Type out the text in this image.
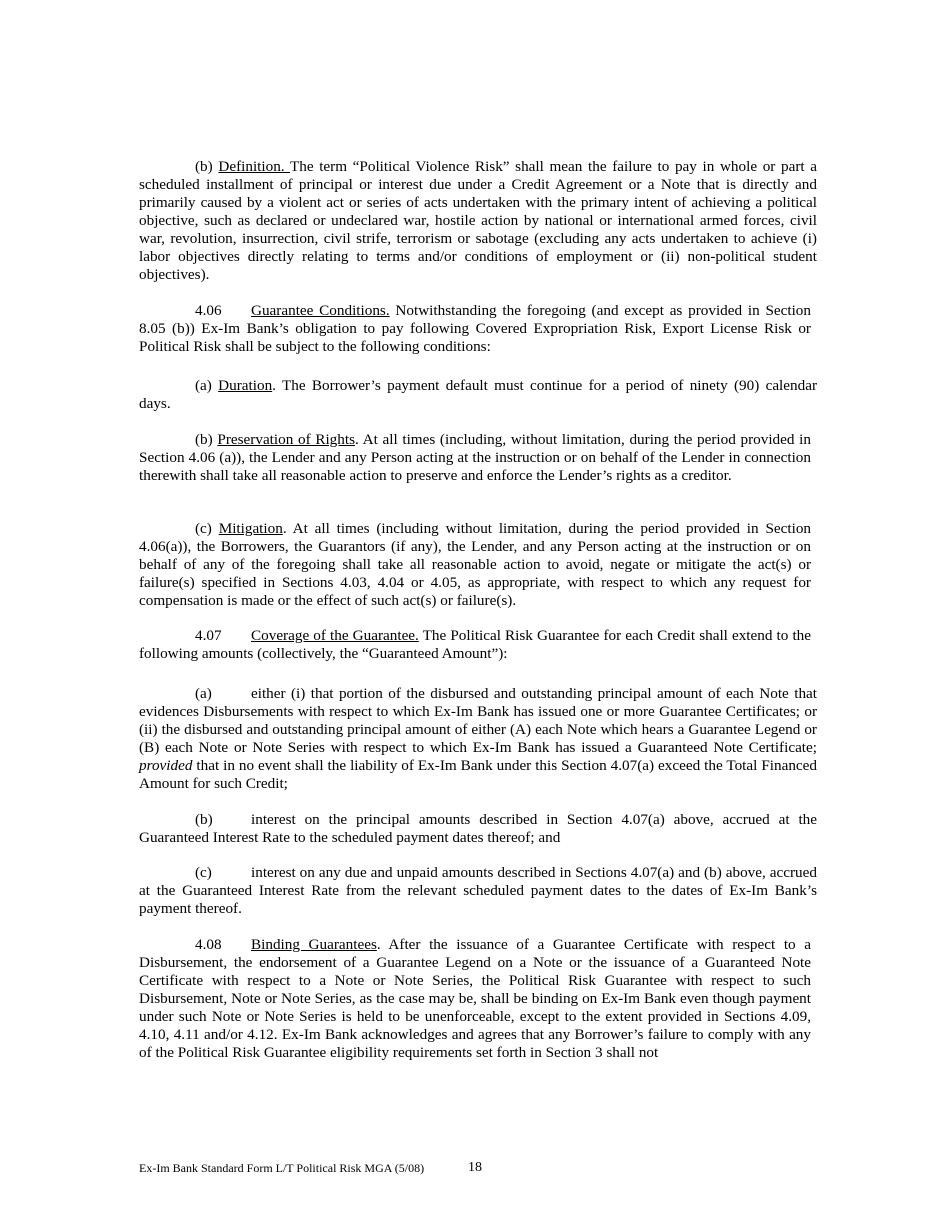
(b) Definition. The term “Political Violence Risk” shall mean the failure to pay in whole or part a scheduled installment of principal or interest due under a Credit Agreement or a Note that is directly and primarily caused by a violent act or series of acts undertaken with the primary intent of achieving a political objective, such as declared or undeclared war, hostile action by national or international armed forces, civil war, revolution, insurrection, civil strife, terrorism or sabotage (excluding any acts undertaken to achieve (i) labor objectives directly relating to terms and/or conditions of employment or (ii) non-political student objectives).

4.06 Guarantee Conditions. Notwithstanding the foregoing (and except as provided in Section 8.05 (b)) Ex-Im Bank’s obligation to pay following Covered Expropriation Risk, Export License Risk or Political Risk shall be subject to the following conditions:

(a) Duration. The Borrower’s payment default must continue for a period of ninety (90) calendar days.

(b) Preservation of Rights. At all times (including, without limitation, during the period provided in Section 4.06 (a)), the Lender and any Person acting at the instruction or on behalf of the Lender in connection therewith shall take all reasonable action to preserve and enforce the Lender’s rights as a creditor.

(c) Mitigation. At all times (including without limitation, during the period provided in Section 4.06(a)), the Borrowers, the Guarantors (if any), the Lender, and any Person acting at the instruction or on behalf of any of the foregoing shall take all reasonable action to avoid, negate or mitigate the act(s) or failure(s) specified in Sections 4.03, 4.04 or 4.05, as appropriate, with respect to which any request for compensation is made or the effect of such act(s) or failure(s).

4.07 Coverage of the Guarantee. The Political Risk Guarantee for each Credit shall extend to the following amounts (collectively, the “Guaranteed Amount”):

(a)	either (i) that portion of the disbursed and outstanding principal amount of each Note that evidences Disbursements with respect to which Ex-Im Bank has issued one or more Guarantee Certificates; or (ii) the disbursed and outstanding principal amount of either (A) each Note which hears a Guarantee Legend or (B) each Note or Note Series with respect to which Ex-Im Bank has issued a Guaranteed Note Certificate; provided that in no event shall the liability of Ex-Im Bank under this Section 4.07(a) exceed the Total Financed Amount for such Credit;

(b)	interest on the principal amounts described in Section 4.07(a) above, accrued at the Guaranteed Interest Rate to the scheduled payment dates thereof; and

(c)	interest on any due and unpaid amounts described in Sections 4.07(a) and (b) above, accrued at the Guaranteed Interest Rate from the relevant scheduled payment dates to the dates of Ex-Im Bank’s payment thereof.

4.08 Binding Guarantees. After the issuance of a Guarantee Certificate with respect to a Disbursement, the endorsement of a Guarantee Legend on a Note or the issuance of a Guaranteed Note Certificate with respect to a Note or Note Series, the Political Risk Guarantee with respect to such Disbursement, Note or Note Series, as the case may be, shall be binding on Ex-Im Bank even though payment under such Note or Note Series is held to be unenforceable, except to the extent provided in Sections 4.09, 4.10, 4.11 and/or 4.12. Ex-Im Bank acknowledges and agrees that any Borrower’s failure to comply with any of the Political Risk Guarantee eligibility requirements set forth in Section 3 shall not

Ex-Im Bank Standard Form L/T Political Risk MGA (5/08)	18
